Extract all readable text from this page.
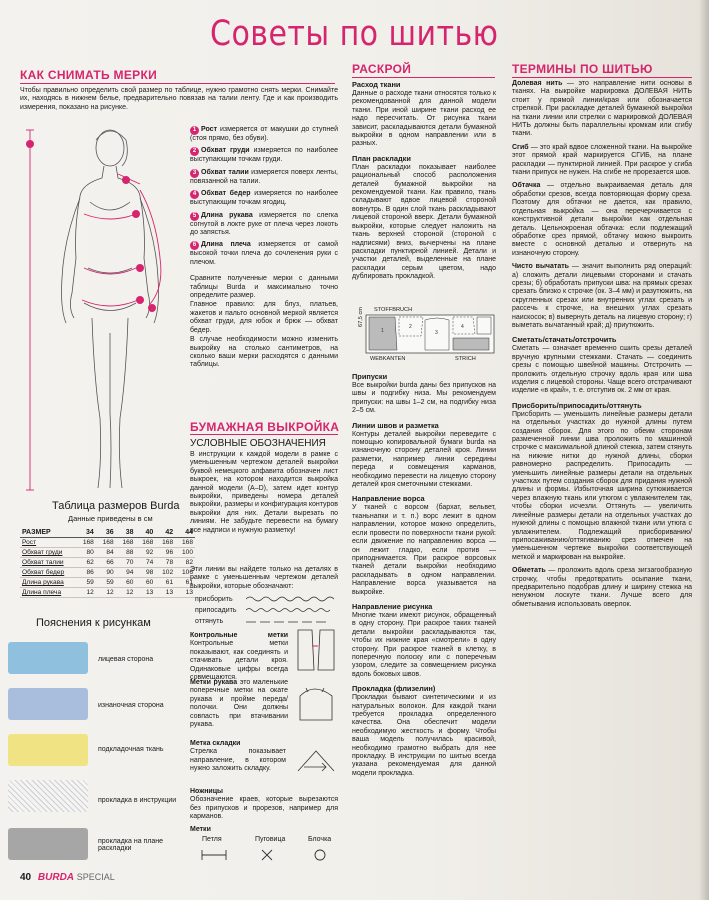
Советы по шитью
КАК СНИМАТЬ МЕРКИ
Чтобы правильно определить свой размер по таблице, нужно грамотно снять мерки. Снимайте их, находясь в нижнем белье, предварительно повязав на талии ленту. Где и как производить измерения, показано на рисунке.
1 Рост измеряется от макушки до ступней (стоя прямо, без обуви).
2 Обхват груди измеряется по наиболее выступающим точкам груди.
3 Обхват талии измеряется поверх ленты, повязанной на талии.
4 Обхват бедер измеряется по наиболее выступающим точкам ягодиц.
5 Длина рукава измеряется по слегка согнутой в локте руке от плеча через локоть до запястья.
6 Длина плеча измеряется от самой высокой точки плеча до сочленения руки с плечом.
Сравните полученные мерки с данными таблицы Burda и максимально точно определите размер.
Главное правило: для блуз, платьев, жакетов и пальто основной меркой является обхват груди, для юбок и брюк — обхват бедер.
В случае необходимости можно изменить выкройку на столько сантиметров, на сколько ваши мерки расходятся с данными таблицы.
Таблица размеров Burda
Данные приведены в см
РАЗМЕР	34	36	38	40	42	44
Рост	168	168	168	168	168	168
Обхват груди	80	84	88	92	96	100
Обхват талии	62	66	70	74	78	82
Обхват бедер	86	90	94	98	102	106
Длина рукава	59	59	60	60	61	61
Длина плеча	12	12	12	13	13	13
Пояснения к рисункам
лицевая сторона
изнаночная сторона
подкладочная ткань
прокладка в инструкции
прокладка на плане раскладки
40 BURDA SPECIAL
БУМАЖНАЯ ВЫКРОЙКА
УСЛОВНЫЕ ОБОЗНАЧЕНИЯ
В инструкции к каждой модели в рамке с уменьшенным чертежом деталей выкройки буквой немецкого алфавита обозначен лист выкроек, на котором находится выкройка данной модели (A–D), затем идет контур выкройки, приведены номера деталей выкройки, размеры и конфигурация контуров выкройки для них. Детали вырезать по линиям. Не забудьте перевести на бумагу все надписи и нужную разметку!
Эти линии вы найдете только на деталях в рамке с уменьшенным чертежом деталей выкройки, которые обозначают:
присборить
припосадить
оттянуть
Контрольные метки Контрольные метки показывают, как соединять и стачивать детали кроя. Одинаковые цифры всегда совмещаются.
Метки рукава это маленькие поперечные метки на окате рукава и пройме переда/полочки. Они должны совпасть при втачивании рукава.
Метка складки
Стрелка показывает направление, в котором нужно заложить складку.
Ножницы
Обозначение краев, которые вырезаются без припусков и прорезов, например для карманов.
Метки
Петля	Пуговица	Блочка
РАСКРОЙ
Расход ткани
Данные о расходе ткани относятся только к рекомендованной для данной модели ткани. При иной ширине ткани расход ее надо пересчитать. От рисунка ткани зависит, раскладываются детали бумажной выкройки в одном направлении или в разных.
План раскладки
План раскладки показывает наиболее рациональный способ расположения деталей бумажной выкройки на рекомендуемой ткани. Как правило, ткань складывают вдвое лицевой стороной вовнутрь. В один слой ткань раскладывают лицевой стороной вверх. Детали бумажной выкройки, которые следует наложить на ткань верхней стороной (стороной с надписями) вниз, вычерчены на плане раскладки пунктирной линией. Детали и участки деталей, выделенные на плане раскладки серым цветом, надо дублировать прокладкой.
STOFFBRUCH
67,5 cm
1
2
3
4
WEBKANTEN	STRICH
Припуски
Все выкройки burda даны без припусков на швы и подгибку низа. Мы рекомендуем припуски: на швы 1–2 см, на подгибку низа 2–5 см.
Линии швов и разметка
Контуры деталей выкройки переведите с помощью копировальной бумаги burda на изнаночную сторону деталей кроя. Линии разметки, например линии середины переда и совмещения карманов, необходимо перевести на лицевую сторону деталей кроя сметочными стежками.
Направление ворса
У тканей с ворсом (бархат, вельвет, тканьнапки и т. п.) ворс лежит в одном направлении, которое можно определить, если провести по поверхности ткани рукой: если движение по направлению ворса — он лежит гладко, если против — приподнимается. При раскрое ворсовых тканей детали выкройки необходимо раскладывать в одном направлении. Направление ворса указывается на выкройке.
Направление рисунка
Многие ткани имеют рисунок, обращенный в одну сторону. При раскрое таких тканей детали выкройки раскладываются так, чтобы их нижние края «смотрели» в одну сторону. При раскрое тканей в клетку, в поперечную полоску или с поперечным узором, следите за совмещением рисунка вдоль боковых швов.
Прокладка (флизелин)
Прокладки бывают синтетическими и из натуральных волокон. Для каждой ткани требуется прокладка определенного качества. Она обеспечит модели необходимую жесткость и форму. Чтобы ваша модель получилась красивой, необходимо грамотно выбрать для нее прокладку. В инструкции по шитью всегда указана рекомендуемая для данной модели прокладка.
ТЕРМИНЫ ПО ШИТЬЮ
Долевая нить — это направление нити основы в тканях. На выкройке маркировка ДОЛЕВАЯ НИТЬ стоит у прямой линии/края или обозначается стрелкой. При раскладке деталей бумажной выкройки на ткани линии или стрелки с маркировкой ДОЛЕВАЯ НИТЬ должны быть параллельны кромкам или сгибу ткани.
Сгиб — это край вдвое сложенной ткани. На выкройке этот прямой край маркируется СГИБ, на плане раскладки — пунктирной линией. При раскрое у сгиба ткани припуск не нужен. На сгибе не прорезается шов.
Обтачка — отдельно выкраиваемая деталь для обработки срезов, всегда повторяющая форму среза. Поэтому для обтачки не дается, как правило, отдельная выкройка — она перечерчивается с конструктивной детали выкройки как отдельная деталь. Цельнокроеная обтачка: если подлежащий обработке срез прямой, обтачку можно выкроить вместе с основной деталью и отвернуть на изнаночную сторону.
Чисто вычатать — значит выполнить ряд операций: а) сложить детали лицевыми сторонами и стачать срезы; б) обработать припуски шва: на прямых срезах срезать близко к строчке (ок. 3–4 мм) и разутюжить, на скругленных срезах или внутренних углах срезать и рассечь к строчке, на внешних углах срезать наискосок; в) вывернуть деталь на лицевую сторону; г) выметать вычатанный край; д) приутюжить.
Сметать/стачать/отстрочить
Сметать — означает временно сшить срезы деталей вручную крупными стежками. Стачать — соединить срезы с помощью швейной машины. Отстрочить — проложить отдельную строчку вдоль края или шва изделия с лицевой стороны. Чаще всего отстрачивают изделие «в край», т. е. отступив ок. 2 мм от края.
Присборить/припосадить/оттянуть
Присборить — уменьшить линейные размеры детали на отдельных участках до нужной длины путем создания сборок. Для этого по обеим сторонам размеченной линии шва проложить по машинной строчке с максимальной длиной стежка, затем стянуть на нижние нитки до нужной длины, сборки равномерно распределить. Припосадить — уменьшить линейные размеры детали на отдельных участках путем создания сборок для придания нужной длины и формы. Избыточная ширина сутюживается через влажную ткань или утюгом с увлажнителем так, чтобы сборки исчезли. Оттянуть — увеличить линейные размеры детали на отдельных участках до нужной длины с помощью влажной ткани или утюга с увлажнителем. Подлежащий присбориванию/припосаживанию/оттягиванию срез отмечен на уменьшенном чертеже выкройки соответствующей меткой и маркирован на выкройке.
Обметать — проложить вдоль среза зигзагообразную строчку, чтобы предотвратить осыпание ткани, предварительно подобрав длину и ширину стежка на ненужном лоскуте ткани. Лучше всего для обметывания использовать оверлок.
